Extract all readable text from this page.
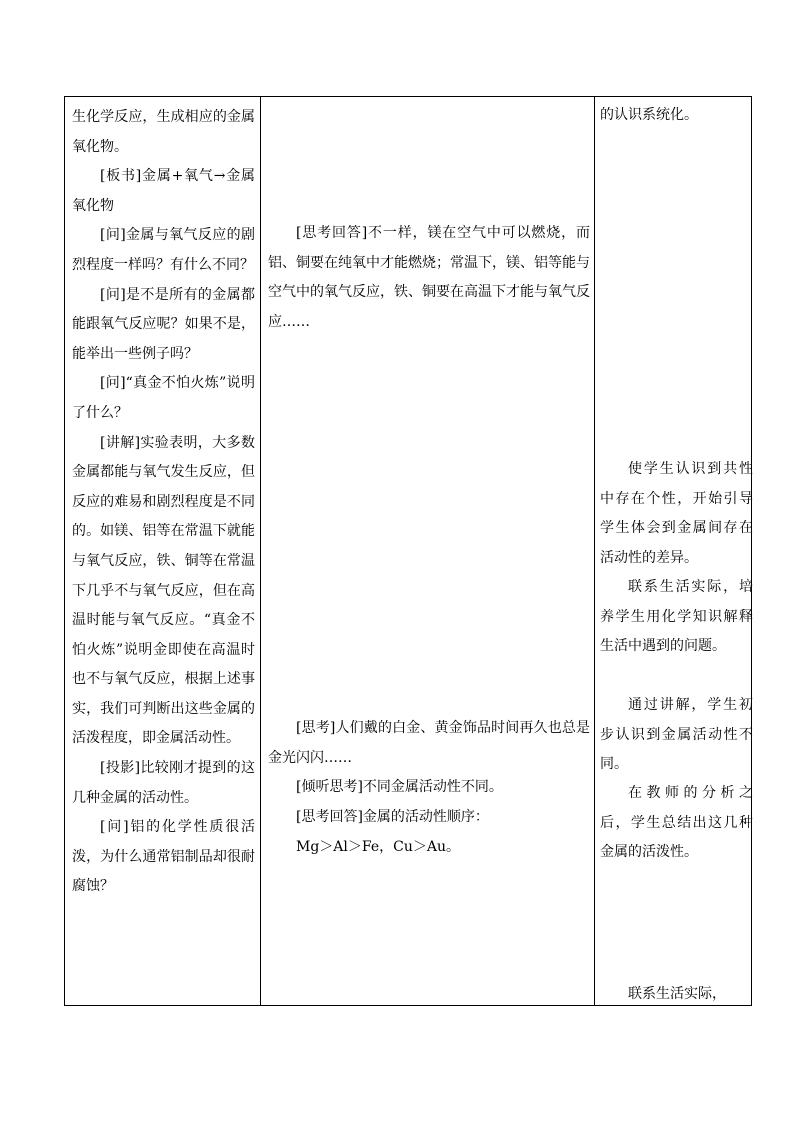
生化学反应，生成相应的金属氧化物。

[板书]金属+氧气→金属氧化物

[问]金属与氧气反应的剧烈程度一样吗？有什么不同？

[问]是不是所有的金属都能跟氧气反应呢？如果不是，能举出一些例子吗？

[问]“真金不怕火炼”说明了什么？

[讲解]实验表明，大多数金属都能与氧气发生反应，但反应的难易和剧烈程度是不同的。如镁、铝等在常温下就能与氧气反应，铁、铜等在常温下几乎不与氧气反应，但在高温时能与氧气反应。“真金不怕火炼”说明金即使在高温时也不与氧气反应，根据上述事实，我们可判断出这些金属的活泼程度，即金属活动性。

[投影]比较刚才提到的这几种金属的活动性。

[问]铝的化学性质很活泼，为什么通常铝制品却很耐腐蚀？

[思考回答]不一样，镁在空气中可以燃烧，而铝、铜要在纯氧中才能燃烧；常温下，镁、铝等能与空气中的氧气反应，铁、铜要在高温下才能与氧气反应……

[思考]人们戴的白金、黄金饰品时间再久也总是金光闪闪……

[倾听思考]不同金属活动性不同。

[思考回答]金属的活动性顺序：

Mg＞Al＞Fe，Cu＞Au。

的认识系统化。

使学生认识到共性中存在个性，开始引导学生体会到金属间存在活动性的差异。

联系生活实际，培养学生用化学知识解释生活中遇到的问题。

通过讲解，学生初步认识到金属活动性不同。

在教师的分析之后，学生总结出这几种金属的活泼性。

联系生活实际，
